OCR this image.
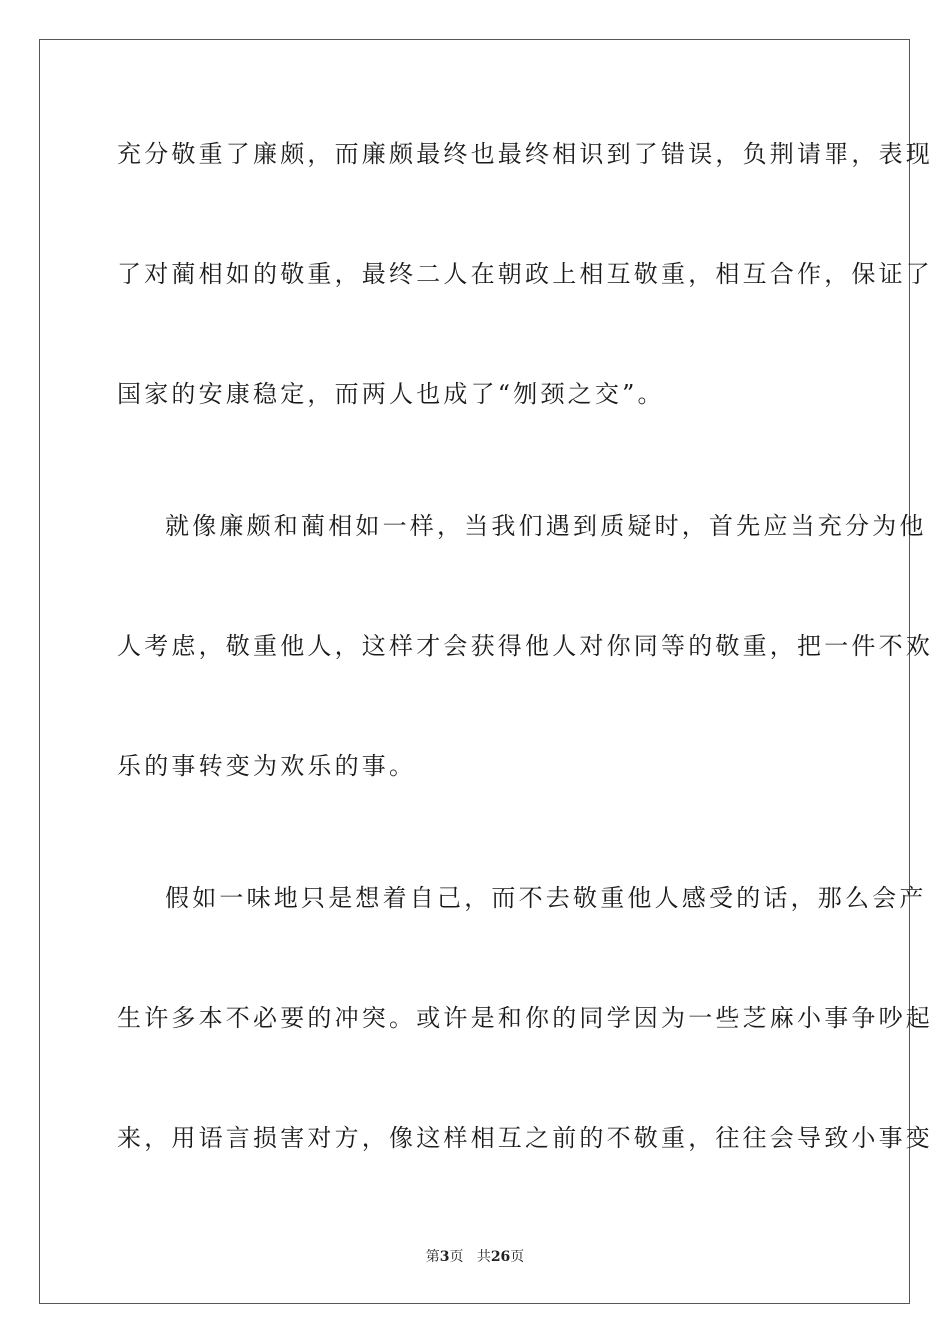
充分敬重了廉颇，而廉颇最终也最终相识到了错误，负荆请罪，表现
了对蔺相如的敬重，最终二人在朝政上相互敬重，相互合作，保证了
国家的安康稳定，而两人也成了“刎颈之交”。
就像廉颇和蔺相如一样，当我们遇到质疑时，首先应当充分为他
人考虑，敬重他人，这样才会获得他人对你同等的敬重，把一件不欢
乐的事转变为欢乐的事。
假如一味地只是想着自己，而不去敬重他人感受的话，那么会产
生许多本不必要的冲突。或许是和你的同学因为一些芝麻小事争吵起
来，用语言损害对方，像这样相互之前的不敬重，往往会导致小事变
第3页 共26页
